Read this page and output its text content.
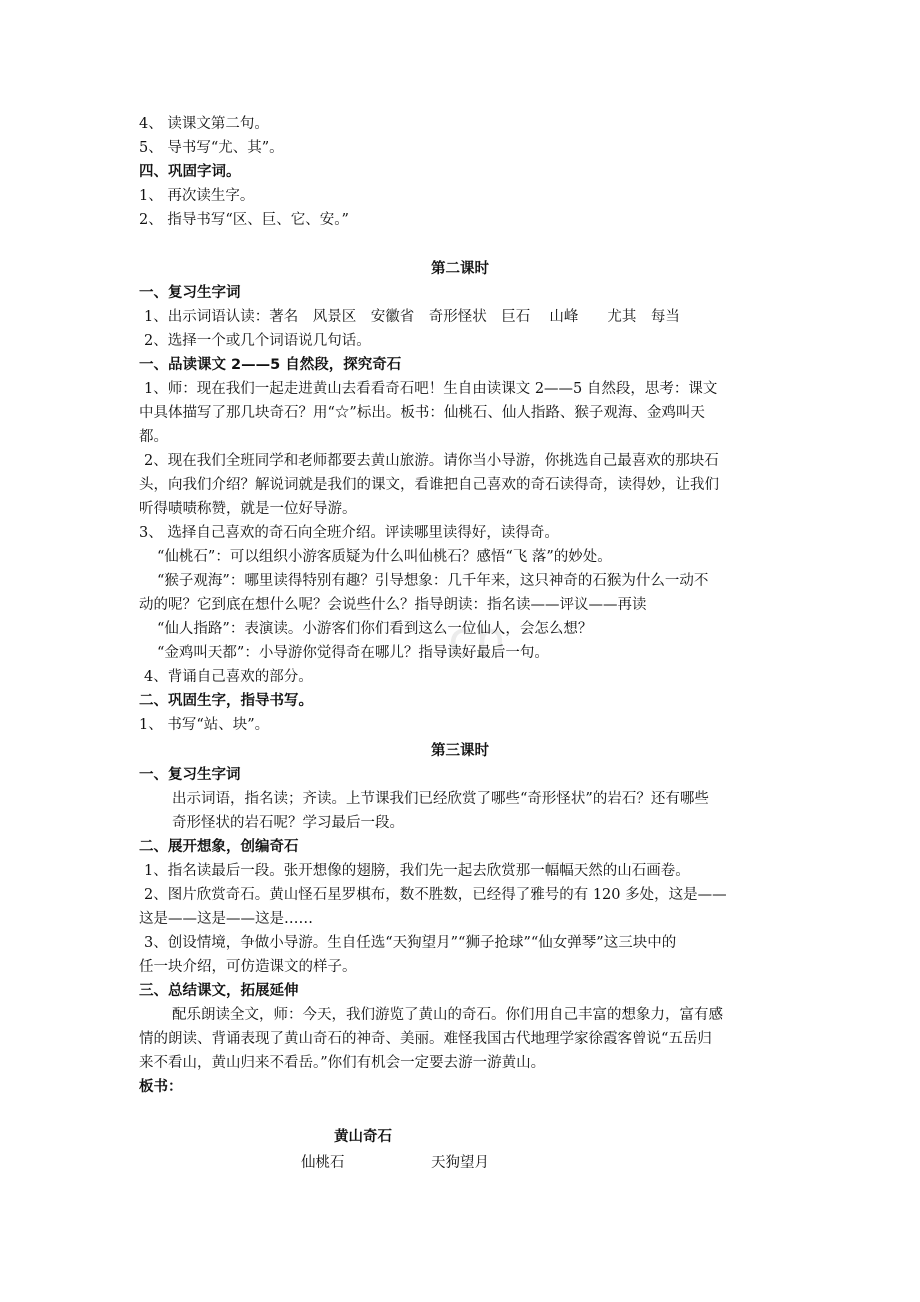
.cn
4、 读课文第二句。
5、 导书写“尤、其”。
四、巩固字词。
1、 再次读生字。
2、 指导书写“区、巨、它、安。”
第二课时
一、复习生字词
1、出示词语认读：著名　风景区　安徽省　奇形怪状　巨石　 山峰　　尤其　每当
2、选择一个或几个词语说几句话。
一、品读课文 2——5 自然段，探究奇石
1、师：现在我们一起走进黄山去看看奇石吧！生自由读课文 2——5 自然段，思考：课文
中具体描写了那几块奇石？用“☆”标出。板书：仙桃石、仙人指路、猴子观海、金鸡叫天
都。
2、现在我们全班同学和老师都要去黄山旅游。请你当小导游，你挑选自己最喜欢的那块石
头，向我们介绍？解说词就是我们的课文，看谁把自己喜欢的奇石读得奇，读得妙，让我们
听得啧啧称赞，就是一位好导游。
3、 选择自己喜欢的奇石向全班介绍。评读哪里读得好，读得奇。
“仙桃石”：可以组织小游客质疑为什么叫仙桃石？感悟“飞 落”的妙处。
“猴子观海”：哪里读得特别有趣？引导想象：几千年来，这只神奇的石猴为什么一动不
动的呢？它到底在想什么呢？会说些什么？指导朗读：指名读——评议——再读
“仙人指路”：表演读。小游客们你们看到这么一位仙人，会怎么想？
“金鸡叫天都”：小导游你觉得奇在哪儿？指导读好最后一句。
4、背诵自己喜欢的部分。
二、巩固生字，指导书写。
1、 书写“站、块”。
第三课时
一、复习生字词
出示词语，指名读；齐读。上节课我们已经欣赏了哪些“奇形怪状”的岩石？还有哪些
奇形怪状的岩石呢？学习最后一段。
二、展开想象，创编奇石
1、指名读最后一段。张开想像的翅膀，我们先一起去欣赏那一幅幅天然的山石画卷。
2、图片欣赏奇石。黄山怪石星罗棋布，数不胜数，已经得了雅号的有 120 多处，这是——
这是——这是——这是……
3、创设情境，争做小导游。生自任选“天狗望月”“狮子抢球”“仙女弹琴”这三块中的
任一块介绍，可仿造课文的样子。
三、总结课文，拓展延伸
配乐朗读全文，师：今天，我们游览了黄山的奇石。你们用自己丰富的想象力，富有感
情的朗读、背诵表现了黄山奇石的神奇、美丽。难怪我国古代地理学家徐霞客曾说“五岳归
来不看山，黄山归来不看岳。”你们有机会一定要去游一游黄山。
板书：
黄山奇石
仙桃石	天狗望月
